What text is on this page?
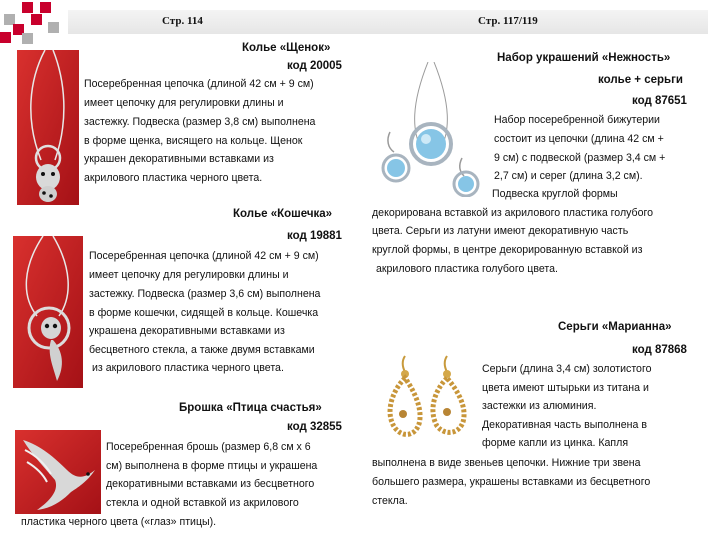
Стр. 114	Стр. 117/119
Колье «Щенок»
код 20005
Посеребренная цепочка (длиной 42 см + 9 см)
имеет цепочку для регулировки длины и
застежку. Подвеска (размер 3,8 см) выполнена
в форме щенка, висящего на кольце. Щенок
украшен декоративными вставками из
акрилового пластика черного цвета.
Колье «Кошечка»
код 19881
Посеребренная цепочка (длиной 42 см + 9 см)
имеет цепочку для регулировки длины и
застежку. Подвеска (размер 3,6 см) выполнена
в форме кошечки, сидящей в кольце. Кошечка
украшена декоративными вставками из
бесцветного стекла, а также двумя вставками
из акрилового пластика черного цвета.
Брошка «Птица счастья»
код 32855
Посеребренная брошь (размер 6,8 см х 6
см) выполнена в форме птицы и украшена
декоративными вставками из бесцветного
стекла и одной вставкой из акрилового
пластика черного цвета («глаз» птицы).
Набор украшений «Нежность»
колье + серьги
код 87651
Набор посеребренной бижутерии
состоит из цепочки (длина 42 см +
9 см) с подвеской (размер 3,4 см +
2,7 см) и серег (длина 3,2 см).
Подвеска круглой формы
декорирована вставкой из акрилового пластика голубого
цвета. Серьги из латуни имеют декоративную часть
круглой формы, в центре декорированную вставкой из
акрилового пластика голубого цвета.
Серьги «Марианна»
код 87868
Серьги (длина 3,4 см) золотистого
цвета имеют штырьки из титана и
застежки из алюминия.
Декоративная часть выполнена в
форме капли из цинка. Капля
выполнена в виде звеньев цепочки. Нижние три звена
большего размера, украшены вставками из бесцветного
стекла.
